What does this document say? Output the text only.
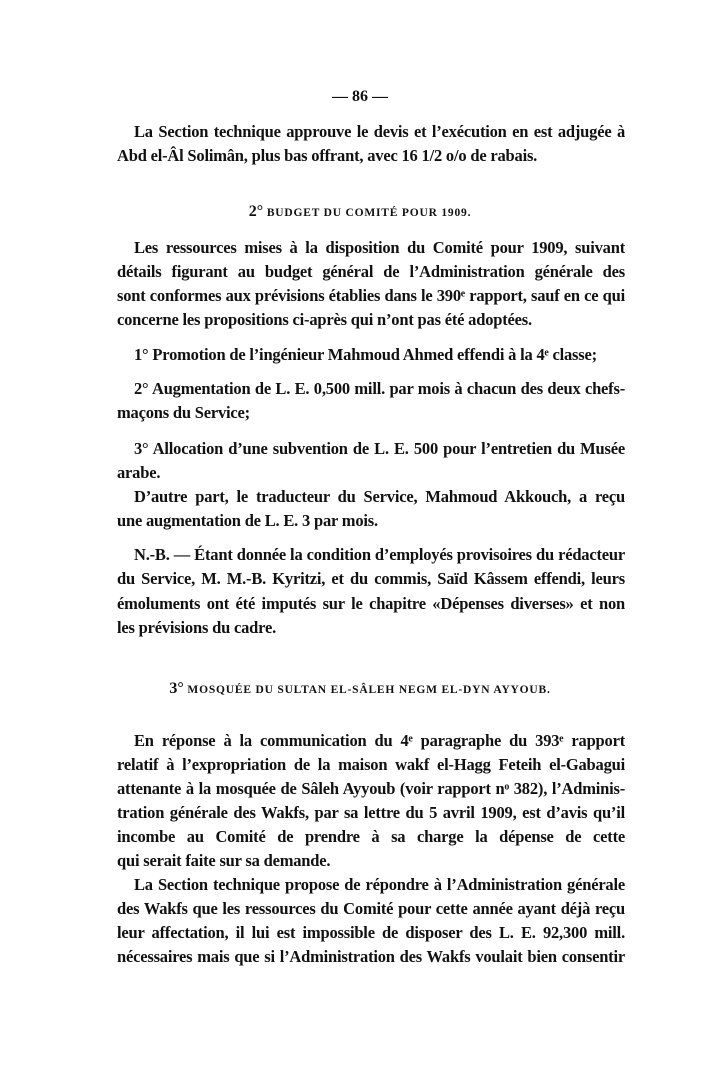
— 86 —
2° BUDGET DU COMITÉ POUR 1909.
3° MOSQUÉE DU SULTAN EL-SÂLEH NEGM EL-DYN AYYOUB.
La Section technique approuve le devis et l’exécution en est adjugée à
Abd el-Âl Solimân, plus bas offrant, avec 16 1/2 o/o de rabais.
Les ressources mises à la disposition du Comité pour 1909, suivant
détails figurant au budget général de l’Administration générale des
sont conformes aux prévisions établies dans le 390ᵉ rapport, sauf en ce qui
concerne les propositions ci-après qui n’ont pas été adoptées.
1° Promotion de l’ingénieur Mahmoud Ahmed effendi à la 4ᵉ classe;
2° Augmentation de L. E. 0,500 mill. par mois à chacun des deux chefs-
maçons du Service;
3° Allocation d’une subvention de L. E. 500 pour l’entretien du Musée
arabe.
D’autre part, le traducteur du Service, Mahmoud Akkouch, a reçu
une augmentation de L. E. 3 par mois.
N.-B. — Étant donnée la condition d’employés provisoires du rédacteur
du Service, M. M.-B. Kyritzi, et du commis, Saïd Kâssem effendi, leurs
émoluments ont été imputés sur le chapitre «Dépenses diverses» et non
les prévisions du cadre.
En réponse à la communication du 4ᵉ paragraphe du 393ᵉ rapport
relatif à l’expropriation de la maison wakf el-Hagg Feteih el-Gabagui
attenante à la mosquée de Sâleh Ayyoub (voir rapport nᵒ 382), l’Adminis-
tration générale des Wakfs, par sa lettre du 5 avril 1909, est d’avis qu’il
incombe au Comité de prendre à sa charge la dépense de cette
qui serait faite sur sa demande.
La Section technique propose de répondre à l’Administration générale
des Wakfs que les ressources du Comité pour cette année ayant déjà reçu
leur affectation, il lui est impossible de disposer des L. E. 92,300 mill.
nécessaires mais que si l’Administration des Wakfs voulait bien consentir
